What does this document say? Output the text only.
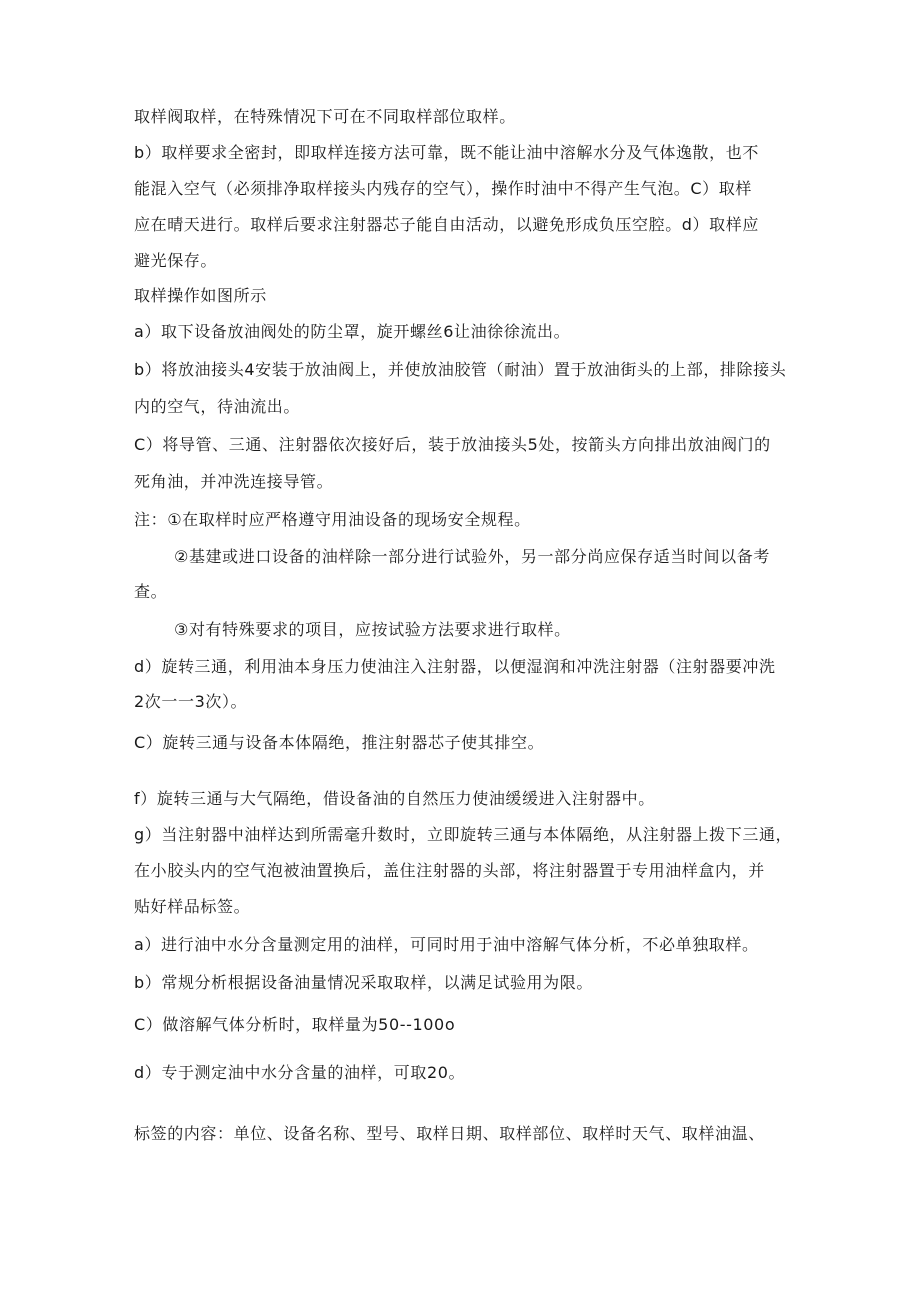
取样阀取样，在特殊情况下可在不同取样部位取样。
b）取样要求全密封，即取样连接方法可靠，既不能让油中溶解水分及气体逸散，也不
能混入空气（必须排净取样接头内残存的空气），操作时油中不得产生气泡。C）取样
应在晴天进行。取样后要求注射器芯子能自由活动，以避免形成负压空腔。d）取样应
避光保存。
取样操作如图所示
a）取下设备放油阀处的防尘罩，旋开螺丝6让油徐徐流出。
b）将放油接头4安装于放油阀上，并使放油胶管（耐油）置于放油街头的上部，排除接头
内的空气，待油流出。
C）将导管、三通、注射器依次接好后，装于放油接头5处，按箭头方向排出放油阀门的
死角油，并冲洗连接导管。
注：①在取样时应严格遵守用油设备的现场安全规程。
②基建或进口设备的油样除一部分进行试验外，另一部分尚应保存适当时间以备考
查。
③对有特殊要求的项目，应按试验方法要求进行取样。
d）旋转三通，利用油本身压力使油注入注射器，以便湿润和冲洗注射器（注射器要冲洗
2次一一3次）。
C）旋转三通与设备本体隔绝，推注射器芯子使其排空。
f）旋转三通与大气隔绝，借设备油的自然压力使油缓缓进入注射器中。
g）当注射器中油样达到所需毫升数时，立即旋转三通与本体隔绝，从注射器上拨下三通，
在小胶头内的空气泡被油置换后，盖住注射器的头部，将注射器置于专用油样盒内，并
贴好样品标签。
a）进行油中水分含量测定用的油样，可同时用于油中溶解气体分析，不必单独取样。
b）常规分析根据设备油量情况采取取样，以满足试验用为限。
C）做溶解气体分析时，取样量为50--100o
d）专于测定油中水分含量的油样，可取20。
标签的内容：单位、设备名称、型号、取样日期、取样部位、取样时天气、取样油温、
